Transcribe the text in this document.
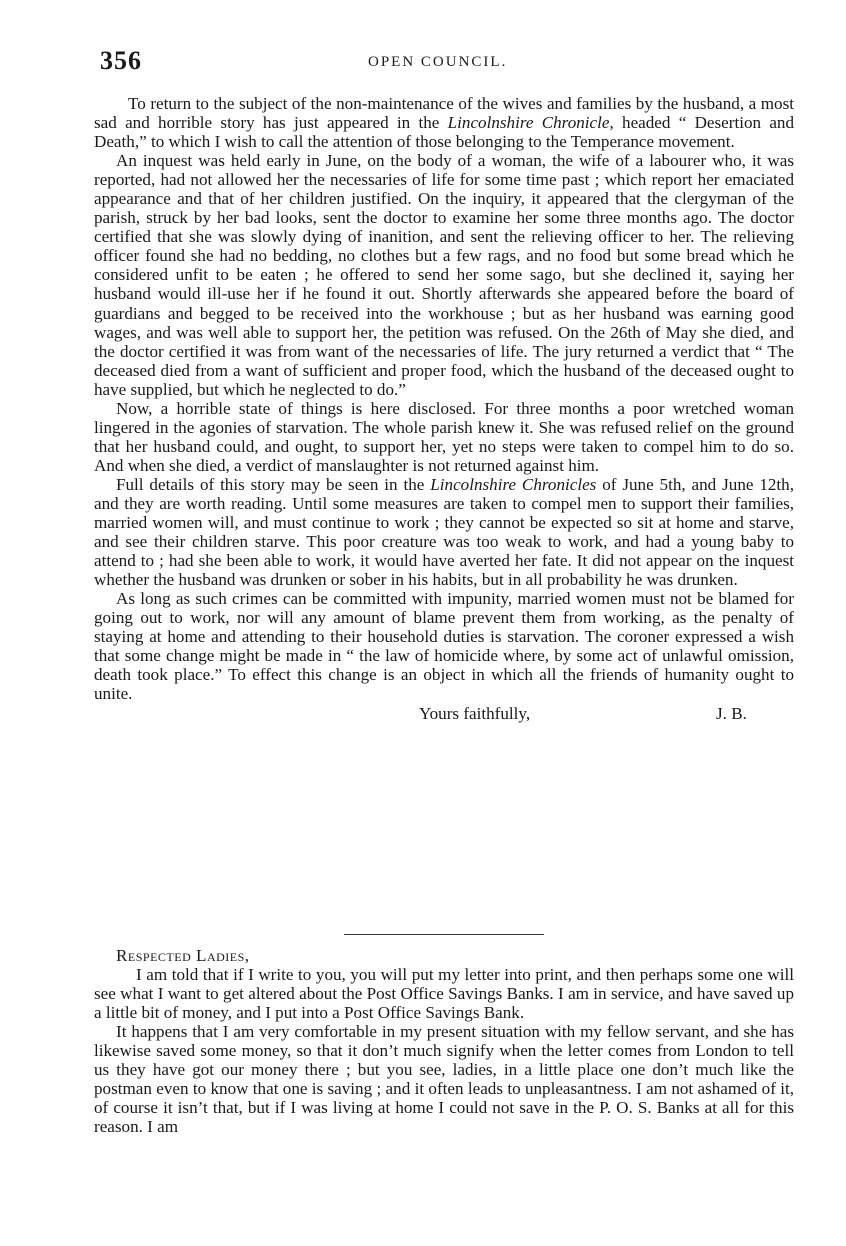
356	OPEN COUNCIL.

To return to the subject of the non-maintenance of the wives and families by the husband, a most sad and horrible story has just appeared in the Lincolnshire Chronicle, headed “ Desertion and Death,” to which I wish to call the attention of those belonging to the Temperance movement.

An inquest was held early in June, on the body of a woman, the wife of a labourer who, it was reported, had not allowed her the necessaries of life for some time past ; which report her emaciated appearance and that of her children justified. On the inquiry, it appeared that the clergyman of the parish, struck by her bad looks, sent the doctor to examine her some three months ago. The doctor certified that she was slowly dying of inanition, and sent the relieving officer to her. The relieving officer found she had no bedding, no clothes but a few rags, and no food but some bread which he considered unfit to be eaten ; he offered to send her some sago, but she declined it, saying her husband would ill-use her if he found it out. Shortly afterwards she appeared before the board of guardians and begged to be received into the workhouse ; but as her husband was earning good wages, and was well able to support her, the petition was refused. On the 26th of May she died, and the doctor certified it was from want of the necessaries of life. The jury returned a verdict that “ The deceased died from a want of sufficient and proper food, which the husband of the deceased ought to have supplied, but which he neglected to do.”

Now, a horrible state of things is here disclosed. For three months a poor wretched woman lingered in the agonies of starvation. The whole parish knew it. She was refused relief on the ground that her husband could, and ought, to support her, yet no steps were taken to compel him to do so. And when she died, a verdict of manslaughter is not returned against him.

Full details of this story may be seen in the Lincolnshire Chronicles of June 5th, and June 12th, and they are worth reading. Until some measures are taken to compel men to support their families, married women will, and must continue to work ; they cannot be expected so sit at home and starve, and see their children starve. This poor creature was too weak to work, and had a young baby to attend to ; had she been able to work, it would have averted her fate. It did not appear on the inquest whether the husband was drunken or sober in his habits, but in all probability he was drunken.

As long as such crimes can be committed with impunity, married women must not be blamed for going out to work, nor will any amount of blame prevent them from working, as the penalty of staying at home and attending to their household duties is starvation. The coroner expressed a wish that some change might be made in “ the law of homicide where, by some act of unlawful omission, death took place.” To effect this change is an object in which all the friends of humanity ought to unite.

Yours faithfully,	J. B.

Respected Ladies,

I am told that if I write to you, you will put my letter into print, and then perhaps some one will see what I want to get altered about the Post Office Savings Banks. I am in service, and have saved up a little bit of money, and I put into a Post Office Savings Bank.

It happens that I am very comfortable in my present situation with my fellow servant, and she has likewise saved some money, so that it don’t much signify when the letter comes from London to tell us they have got our money there ; but you see, ladies, in a little place one don’t much like the postman even to know that one is saving ; and it often leads to unpleasantness. I am not ashamed of it, of course it isn’t that, but if I was living at home I could not save in the P. O. S. Banks at all for this reason. I am
